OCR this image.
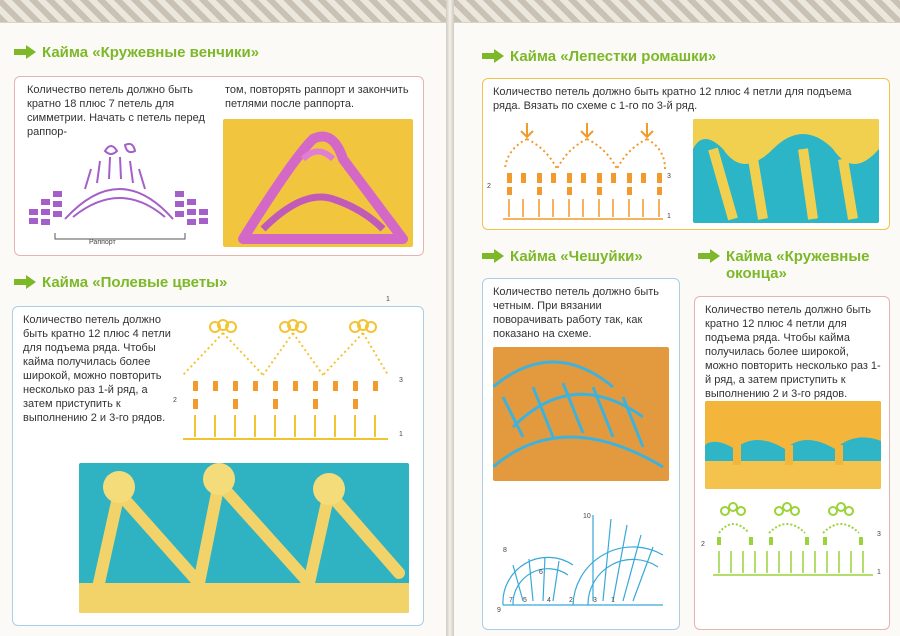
Кайма «Кружевные венчики»
Количество петель должно быть кратно 18 плюс 7 петель для симметрии. Начать с петель перед раппор-
том, повторять раппорт и закончить петлями после раппорта.
Раппорт
Кайма «Полевые цветы»
1
Количество петель должно быть кратно 12 плюс 4 петли для подъема ряда. Чтобы кайма получилась более широкой, можно повторить несколько раз 1-й ряд, а затем приступить к выполнению 2 и 3-го рядов.
2
3
1
Кайма «Лепестки ромашки»
Количество петель должно быть кратно 12 плюс 4 петли для подъема ряда. Вязать по схеме с 1-го по 3-й ряд.
2
3
1
Кайма «Чешуйки»
Количество петель должно быть четным. При вязании поворачивать работу так, как показано на схеме.
10
6
4	2
8
9
7 5	3 1
Кайма «Кружевные оконца»
Количество петель должно быть кратно 12 плюс 4 петли для подъема ряда. Чтобы кайма получилась более широкой, можно повторить несколько раз 1-й ряд, а затем приступить к выполнению 2 и 3-го рядов.
2
3
1
